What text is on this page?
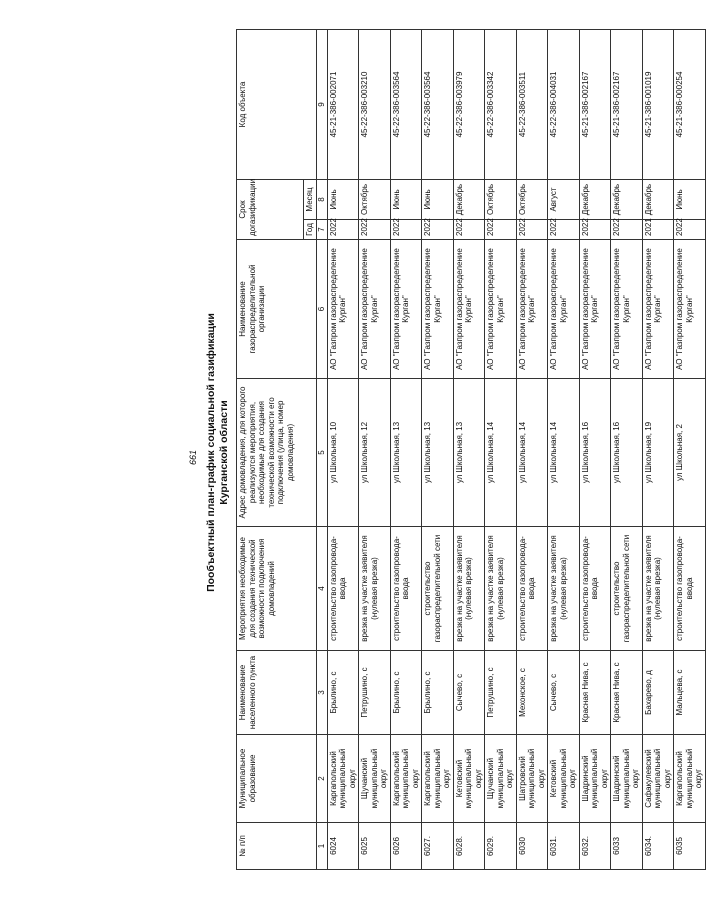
661 Пообъектный план-график социальной газификации Курганской области
№ п/п	Муниципальное образование	Наименование населенного пункта	Мероприятия необходимые для создания технической возможности подключения домовладений	Адрес домовладения, для которого реализуются мероприятия, необходимые для создания технической возможности его подключения (улица, номер домовладения)	Наименование газораспределительной организации	Срок догазификации		Код объекта
						Год	Месяц	
1	2	3	4	5	6	7	8	9
6024	Каргапольский муниципальный округ	Брылино, с	строительство газопровода-ввода	ул Школьная, 10	АО "Газпром газораспределение Курган"	2022	Июнь	45-21-386-002071
6025	Щучанский муниципальный округ	Петрушино, с	врезка на участке заявителя (нулевая врезка)	ул Школьная, 12	АО "Газпром газораспределение Курган"	2022	Октябрь	45-22-386-003210
6026	Каргапольский муниципальный округ	Брылино, с	строительство газопровода-ввода	ул Школьная, 13	АО "Газпром газораспределение Курган"	2022	Июнь	45-22-386-003564
6027.	Каргапольский муниципальный округ	Брылино, с	строительство газораспределительной сети	ул Школьная, 13	АО "Газпром газораспределение Курган"	2022	Июнь	45-22-386-003564
6028.	Кетовский муниципальный округ	Сычево, с	врезка на участке заявителя (нулевая врезка)	ул Школьная, 13	АО "Газпром газораспределение Курган"	2022	Декабрь	45-22-386-003979
6029.	Щучанский муниципальный округ	Петрушино, с	врезка на участке заявителя (нулевая врезка)	ул Школьная, 14	АО "Газпром газораспределение Курган"	2022	Октябрь	45-22-386-003342
6030	Шатровский муниципальный округ	Мехонское, с	строительство газопровода-ввода	ул Школьная, 14	АО "Газпром газораспределение Курган"	2022	Октябрь	45-22-386-003511
6031.	Кетовский муниципальный округ	Сычево, с	врезка на участке заявителя (нулевая врезка)	ул Школьная, 14	АО "Газпром газораспределение Курган"	2022	Август	45-22-386-004031
6032.	Шадринский муниципальный округ	Красная Нива, с	строительство газопровода-ввода	ул Школьная, 16	АО "Газпром газораспределение Курган"	2022	Декабрь	45-21-386-002167
6033	Шадринский муниципальный округ	Красная Нива, с	строительство газораспределительной сети	ул Школьная, 16	АО "Газпром газораспределение Курган"	2022	Декабрь	45-21-386-002167
6034.	Сафакулевский муниципальный округ	Бахарево, д	врезка на участке заявителя (нулевая врезка)	ул Школьная, 19	АО "Газпром газораспределение Курган"	2021	Декабрь	45-21-386-001019
6035	Каргапольский муниципальный округ	Мальцева, с	строительство газопровода-ввода	ул Школьная, 2	АО "Газпром газораспределение Курган"	2022	Июнь	45-21-386-000254
